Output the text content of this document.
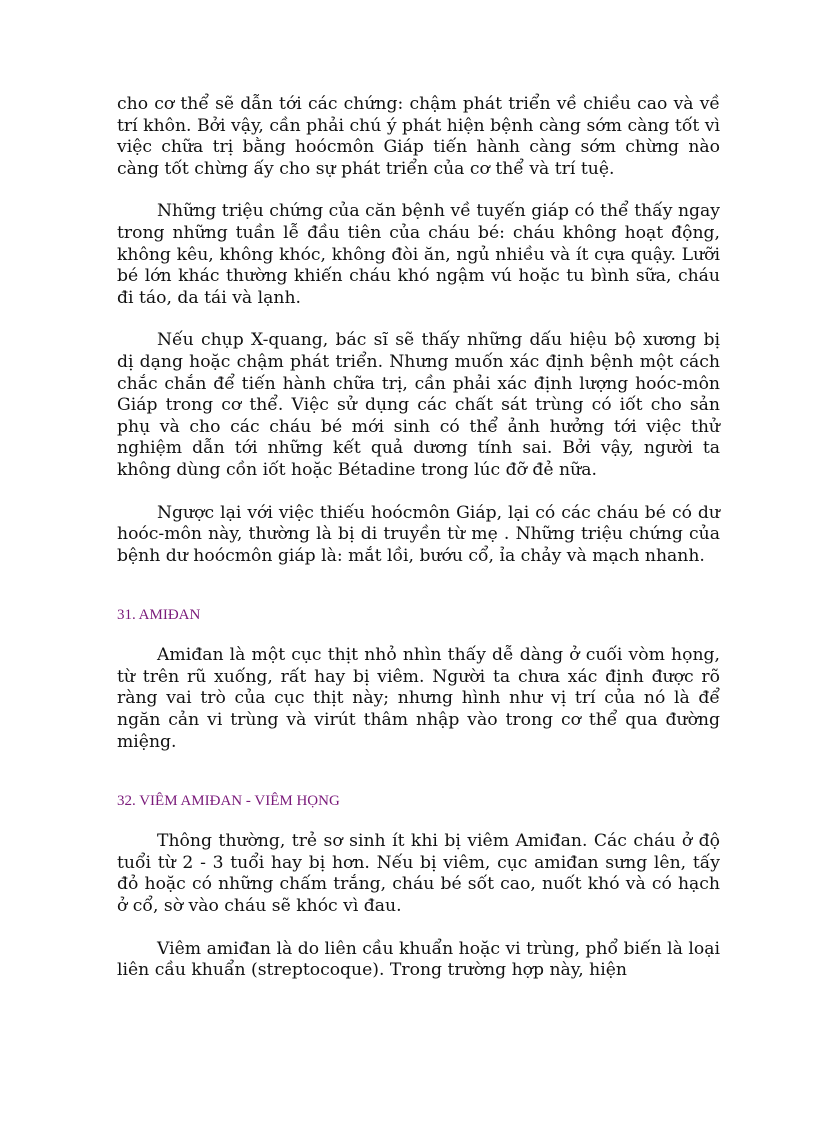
cho cơ thể sẽ dẫn tới các chứng: chậm phát triển về chiều cao và về trí khôn. Bởi vậy, cần phải chú ý phát hiện bệnh càng sớm càng tốt vì việc chữa trị bằng hoócmôn Giáp tiến hành càng sớm chừng nào càng tốt chừng ấy cho sự phát triển của cơ thể và trí tuệ.

Những triệu chứng của căn bệnh về tuyến giáp có thể thấy ngay trong những tuần lễ đầu tiên của cháu bé: cháu không hoạt động, không kêu, không khóc, không đòi ăn, ngủ nhiều và ít cựa quậy. Lưỡi bé lớn khác thường khiến cháu khó ngậm vú hoặc tu bình sữa, cháu đi táo, da tái và lạnh.

Nếu chụp X-quang, bác sĩ sẽ thấy những dấu hiệu bộ xương bị dị dạng hoặc chậm phát triển. Nhưng muốn xác định bệnh một cách chắc chắn để tiến hành chữa trị, cần phải xác định lượng hoóc-môn Giáp trong cơ thể. Việc sử dụng các chất sát trùng có iốt cho sản phụ và cho các cháu bé mới sinh có thể ảnh hưởng tới việc thử nghiệm dẫn tới những kết quả dương tính sai. Bởi vậy, người ta không dùng cồn iốt hoặc Bétadine trong lúc đỡ đẻ nữa.

Ngược lại với việc thiếu hoócmôn Giáp, lại có các cháu bé có dư hoóc-môn này, thường là bị di truyền từ mẹ . Những triệu chứng của bệnh dư hoócmôn giáp là: mắt lồi, bướu cổ, ỉa chảy và mạch nhanh.

31. AMIĐAN

Amiđan là một cục thịt nhỏ nhìn thấy dễ dàng ở cuối vòm họng, từ trên rũ xuống, rất hay bị viêm. Người ta chưa xác định được rõ ràng vai trò của cục thịt này; nhưng hình như vị trí của nó là để ngăn cản vi trùng và virút thâm nhập vào trong cơ thể qua đường miệng.

32. VIÊM AMIĐAN - VIÊM HỌNG

Thông thường, trẻ sơ sinh ít khi bị viêm Amiđan. Các cháu ở độ tuổi từ 2 - 3 tuổi hay bị hơn. Nếu bị viêm, cục amiđan sưng lên, tấy đỏ hoặc có những chấm trắng, cháu bé sốt cao, nuốt khó và có hạch ở cổ, sờ vào cháu sẽ khóc vì đau.

Viêm amiđan là do liên cầu khuẩn hoặc vi trùng, phổ biến là loại liên cầu khuẩn (streptocoque). Trong trường hợp này, hiện
